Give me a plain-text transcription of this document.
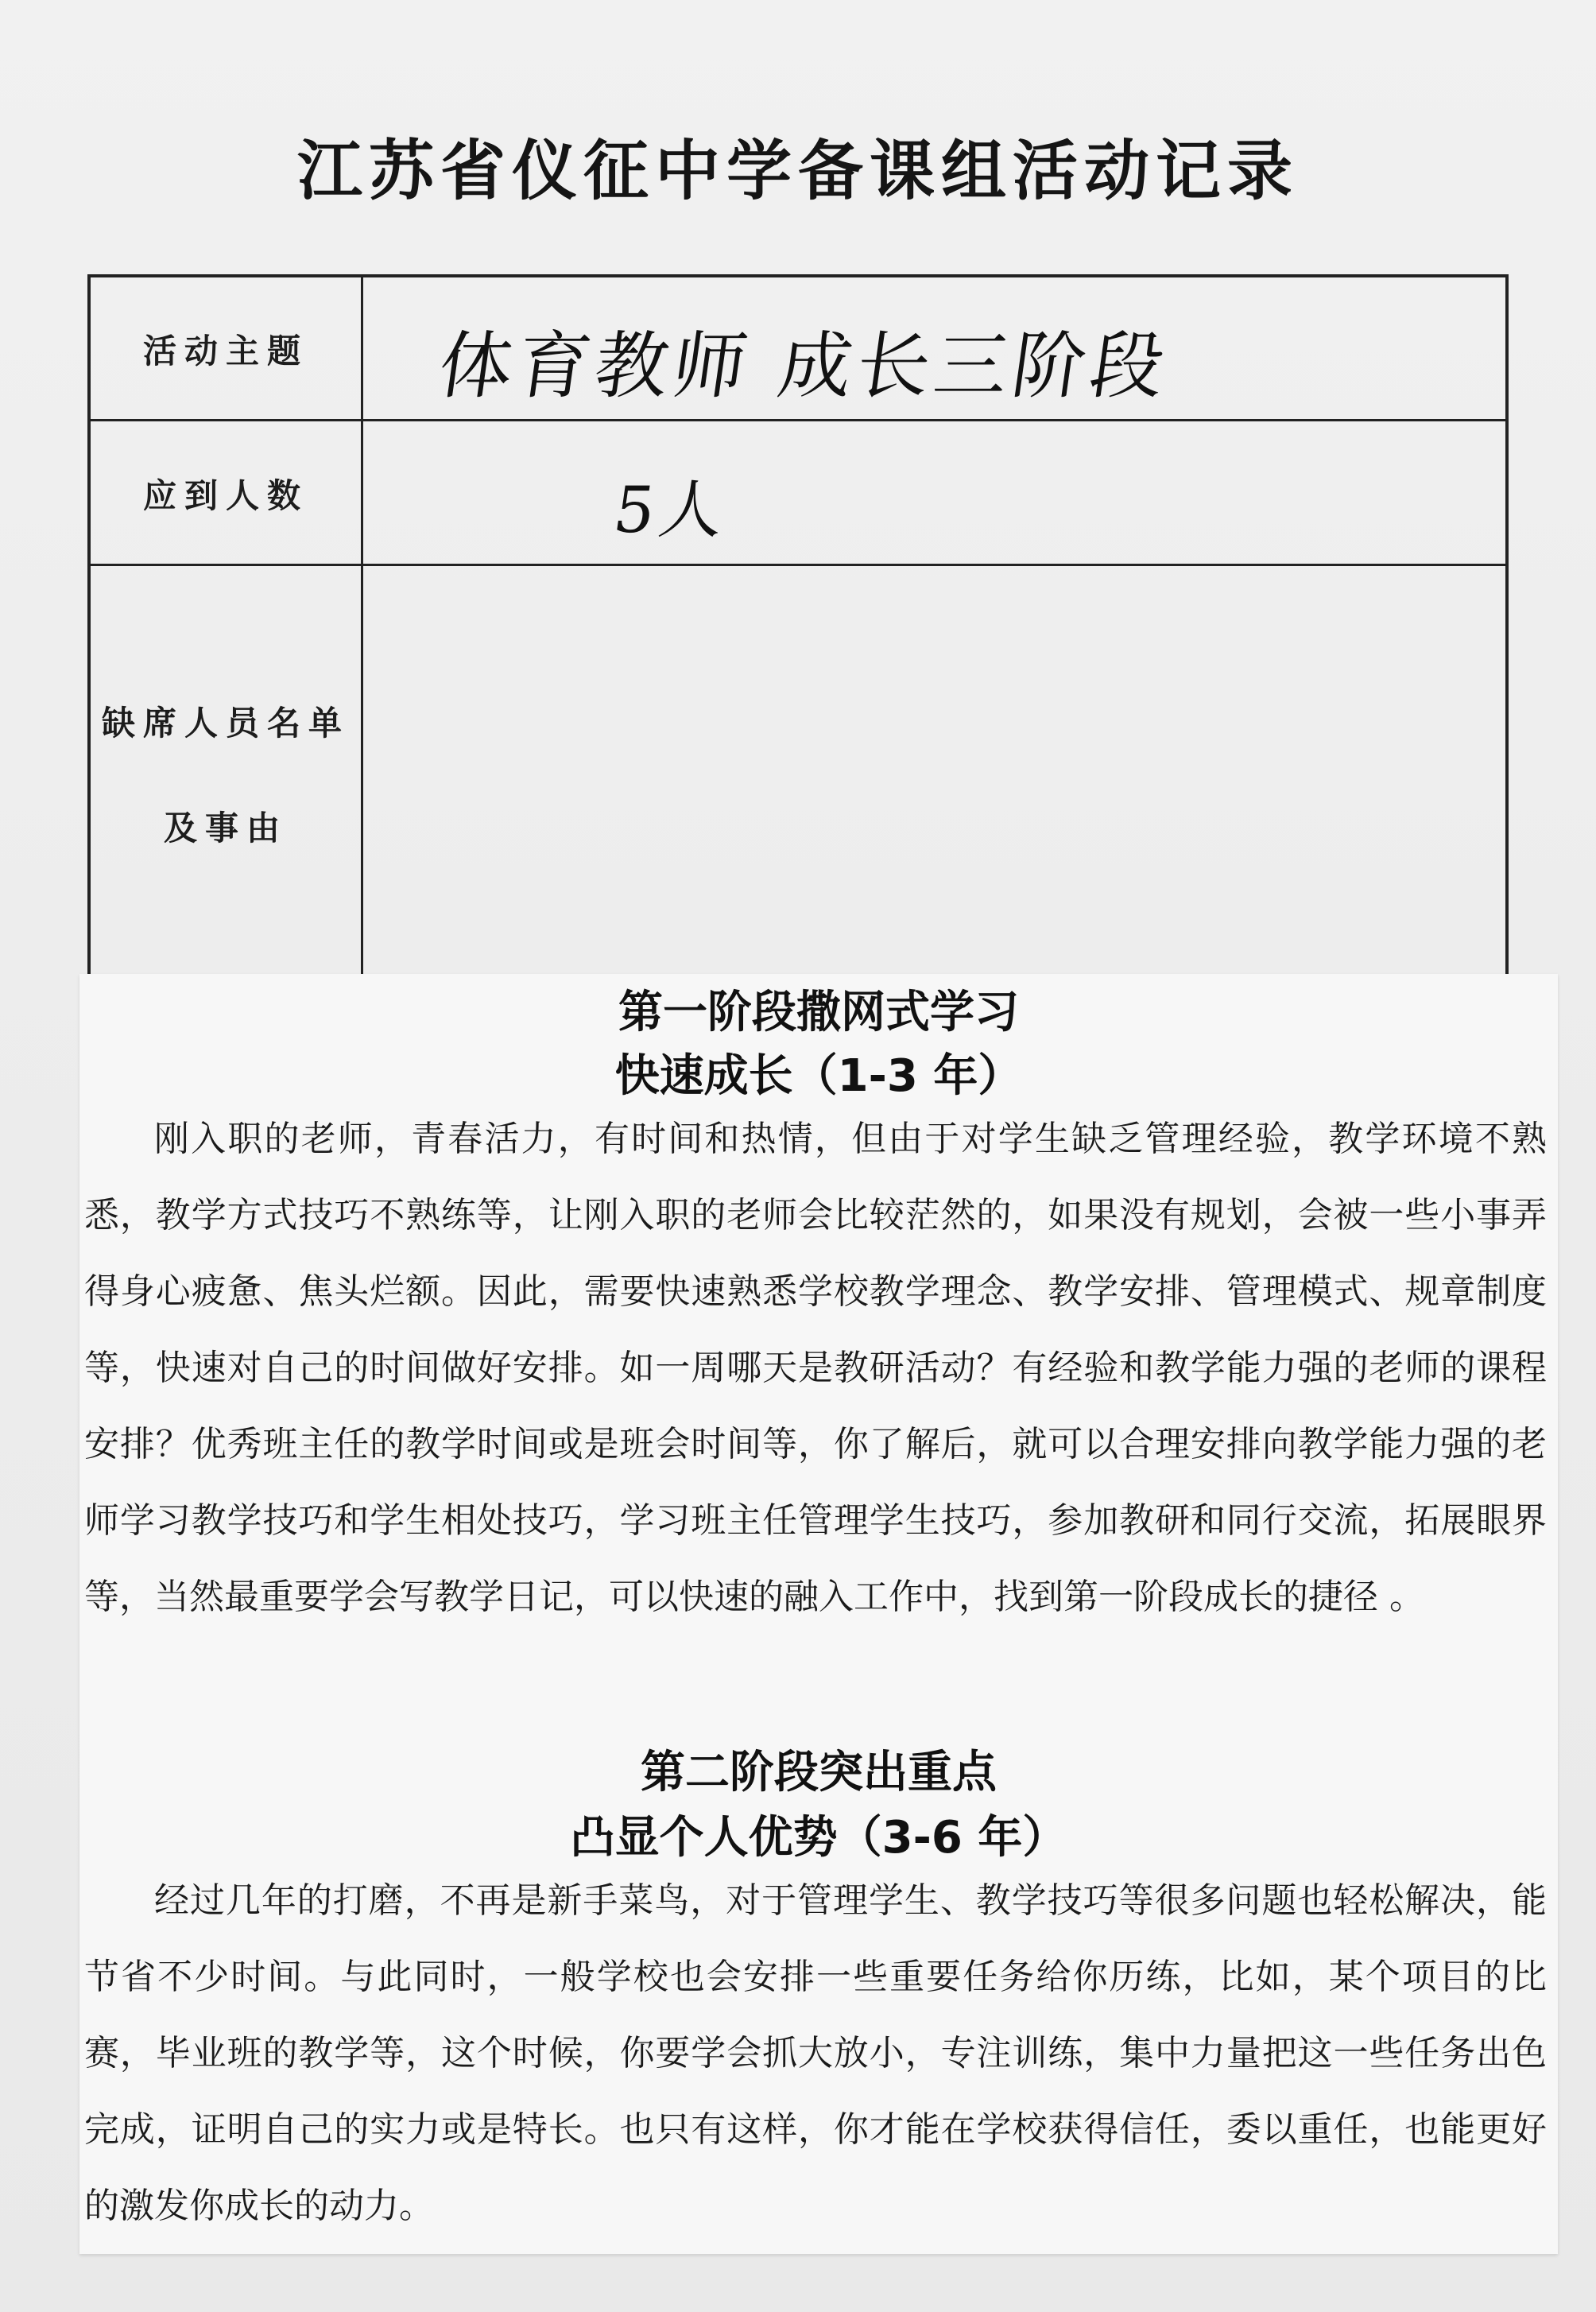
江苏省仪征中学备课组活动记录
活动主题	体育教师 成长三阶段
应到人数	5人
缺席人员名单
及事由
第一阶段撒网式学习
快速成长（1-3 年）

刚入职的老师，青春活力，有时间和热情，但由于对学生缺乏管理经验，教学环境不熟悉，教学方式技巧不熟练等，让刚入职的老师会比较茫然的，如果没有规划，会被一些小事弄得身心疲惫、焦头烂额。因此，需要快速熟悉学校教学理念、教学安排、管理模式、规章制度等，快速对自己的时间做好安排。如一周哪天是教研活动？有经验和教学能力强的老师的课程安排？优秀班主任的教学时间或是班会时间等，你了解后，就可以合理安排向教学能力强的老师学习教学技巧和学生相处技巧，学习班主任管理学生技巧，参加教研和同行交流，拓展眼界等，当然最重要学会写教学日记，可以快速的融入工作中，找到第一阶段成长的捷径 。

第二阶段突出重点
凸显个人优势（3-6 年）

经过几年的打磨，不再是新手菜鸟，对于管理学生、教学技巧等很多问题也轻松解决，能节省不少时间。与此同时，一般学校也会安排一些重要任务给你历练，比如，某个项目的比赛，毕业班的教学等，这个时候，你要学会抓大放小，专注训练，集中力量把这一些任务出色完成，证明自己的实力或是特长。也只有这样，你才能在学校获得信任，委以重任，也能更好的激发你成长的动力。
